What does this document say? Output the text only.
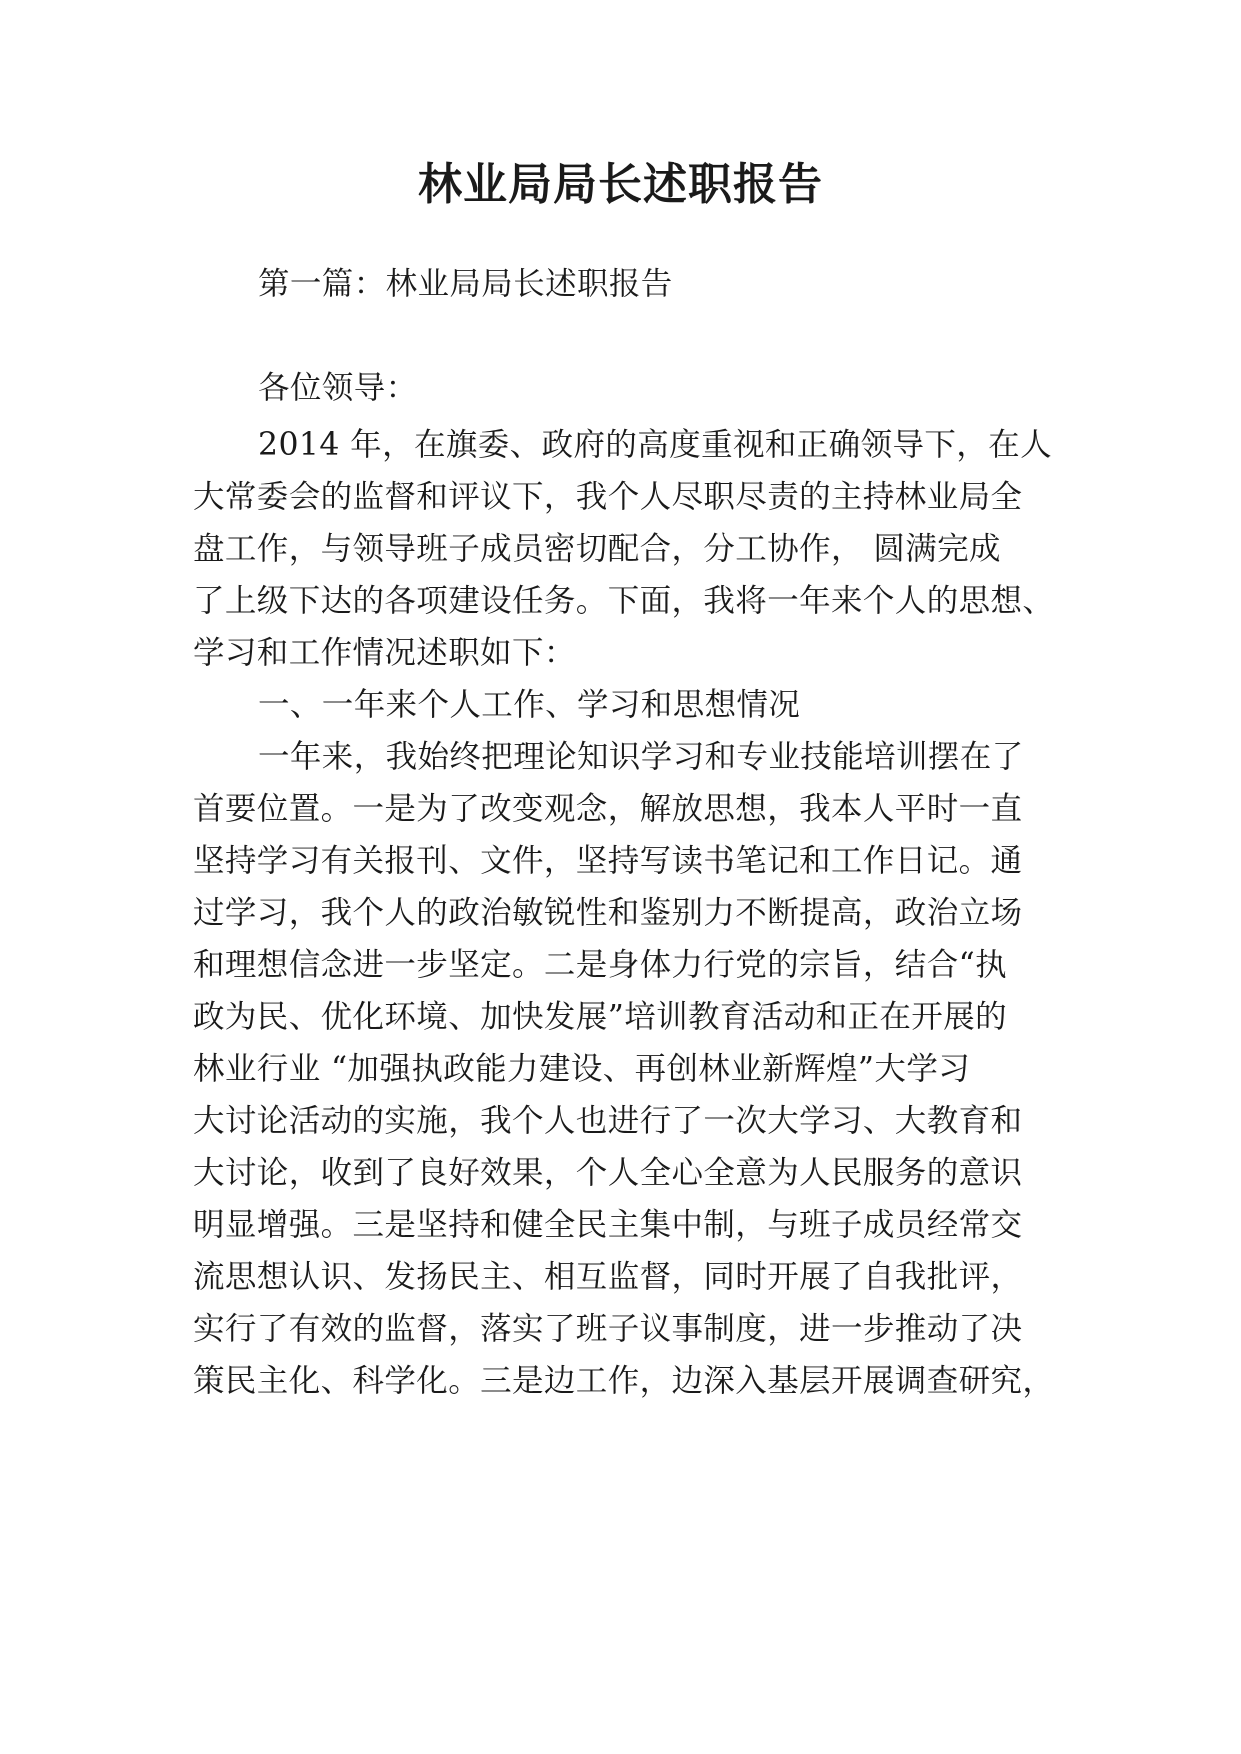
林业局局长述职报告
第一篇：林业局局长述职报告
各位领导：
2014 年，在旗委、政府的高度重视和正确领导下，在人
大常委会的监督和评议下，我个人尽职尽责的主持林业局全
盘工作，与领导班子成员密切配合，分工协作， 圆满完成
了上级下达的各项建设任务。下面，我将一年来个人的思想、
学习和工作情况述职如下：
一、一年来个人工作、学习和思想情况
一年来，我始终把理论知识学习和专业技能培训摆在了
首要位置。一是为了改变观念，解放思想，我本人平时一直
坚持学习有关报刊、文件，坚持写读书笔记和工作日记。通
过学习，我个人的政治敏锐性和鉴别力不断提高，政治立场
和理想信念进一步坚定。二是身体力行党的宗旨，结合“执
政为民、优化环境、加快发展”培训教育活动和正在开展的
林业行业 “加强执政能力建设、再创林业新辉煌”大学习
大讨论活动的实施，我个人也进行了一次大学习、大教育和
大讨论，收到了良好效果，个人全心全意为人民服务的意识
明显增强。三是坚持和健全民主集中制，与班子成员经常交
流思想认识、发扬民主、相互监督，同时开展了自我批评，
实行了有效的监督，落实了班子议事制度，进一步推动了决
策民主化、科学化。三是边工作，边深入基层开展调查研究，
